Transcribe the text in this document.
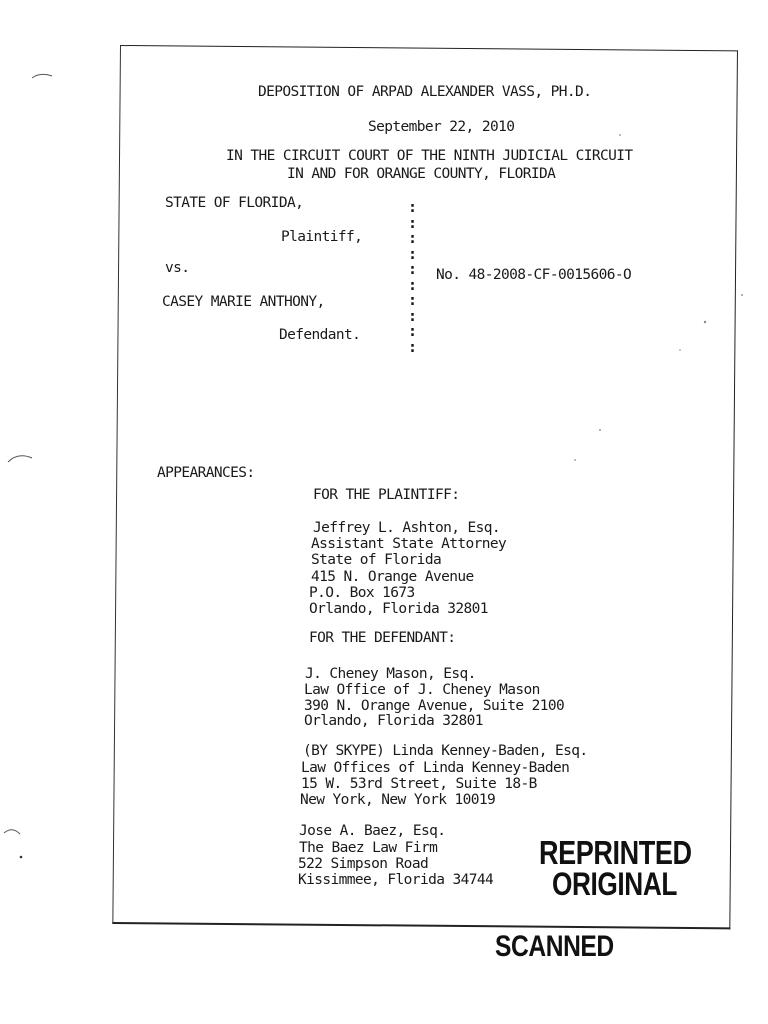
DEPOSITION OF ARPAD ALEXANDER VASS, PH.D.
September 22, 2010
IN THE CIRCUIT COURT OF THE NINTH JUDICIAL CIRCUIT
IN AND FOR ORANGE COUNTY, FLORIDA
STATE OF FLORIDA,
Plaintiff,
vs.	No. 48-2008-CF-0015606-O
CASEY MARIE ANTHONY,
Defendant.
:
:
:
:
:
:
:
:
:
:
APPEARANCES:
FOR THE PLAINTIFF:
Jeffrey L. Ashton, Esq.
Assistant State Attorney
State of Florida
415 N. Orange Avenue
P.O. Box 1673
Orlando, Florida 32801
FOR THE DEFENDANT:
J. Cheney Mason, Esq.
Law Office of J. Cheney Mason
390 N. Orange Avenue, Suite 2100
Orlando, Florida 32801
(BY SKYPE) Linda Kenney-Baden, Esq.
Law Offices of Linda Kenney-Baden
15 W. 53rd Street, Suite 18-B
New York, New York 10019
Jose A. Baez, Esq.
The Baez Law Firm
522 Simpson Road
Kissimmee, Florida 34744
REPRINTED
ORIGINAL
SCANNED
